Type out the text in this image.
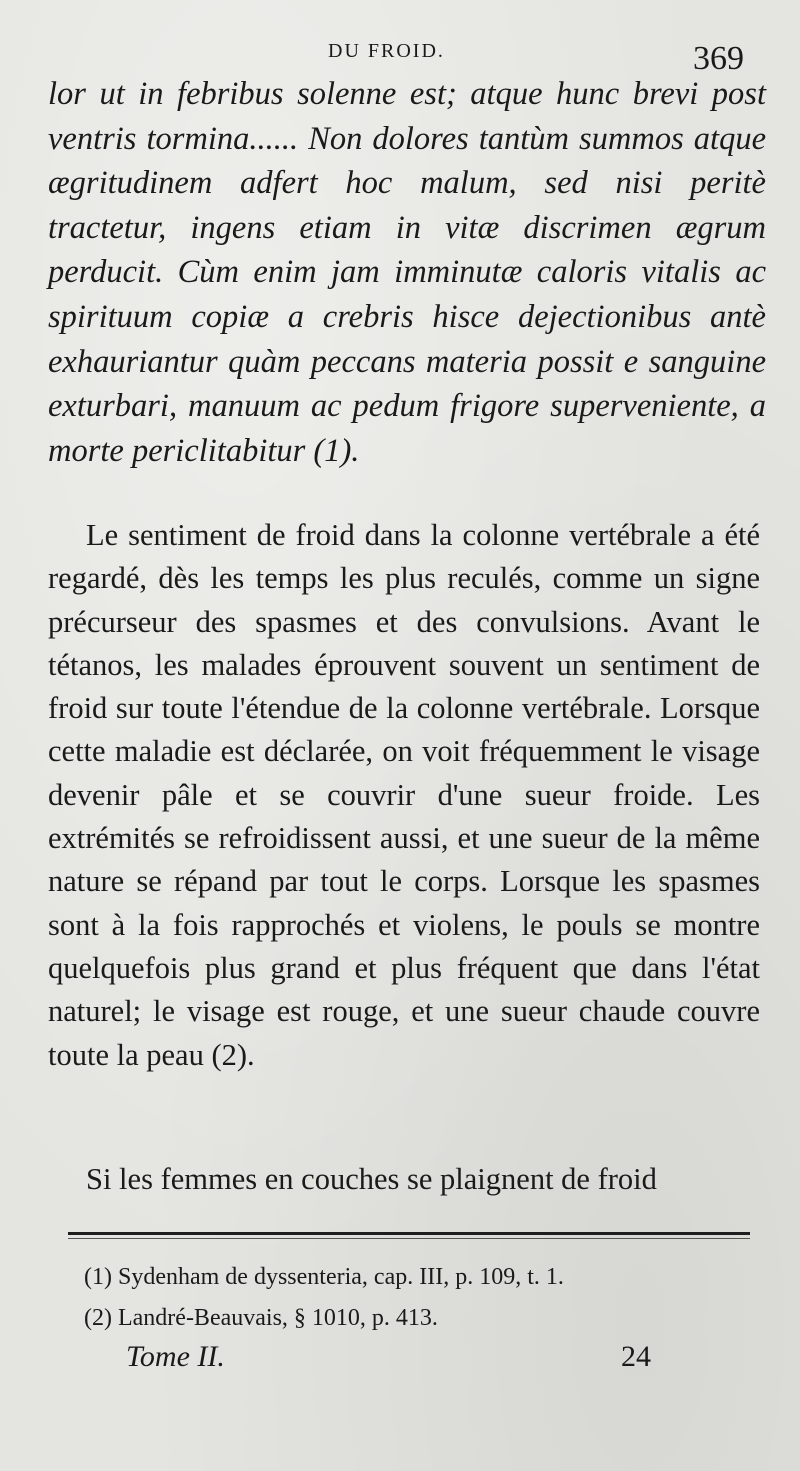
DU FROID.	369

lor ut in febribus solenne est; atque hunc brevi post ventris tormina...... Non dolores tantùm summos atque ægritudinem adfert hoc malum, sed nisi peritè tractetur, ingens etiam in vitæ discrimen ægrum perducit. Cùm enim jam imminutæ caloris vitalis ac spirituum copiæ a crebris hisce dejectionibus antè exhauriantur quàm peccans materia possit e sanguine exturbari, manuum ac pedum frigore superveniente, a morte periclitabitur (1).

Le sentiment de froid dans la colonne vertébrale a été regardé, dès les temps les plus reculés, comme un signe précurseur des spasmes et des convulsions. Avant le tétanos, les malades éprouvent souvent un sentiment de froid sur toute l'étendue de la colonne vertébrale. Lorsque cette maladie est déclarée, on voit fréquemment le visage devenir pâle et se couvrir d'une sueur froide. Les extrémités se refroidissent aussi, et une sueur de la même nature se répand par tout le corps. Lorsque les spasmes sont à la fois rapprochés et violens, le pouls se montre quelquefois plus grand et plus fréquent que dans l'état naturel; le visage est rouge, et une sueur chaude couvre toute la peau (2).

Si les femmes en couches se plaignent de froid

(1) Sydenham de dyssenteria, cap. III, p. 109, t. 1.
(2) Landré-Beauvais, § 1010, p. 413.
Tome II.	24
